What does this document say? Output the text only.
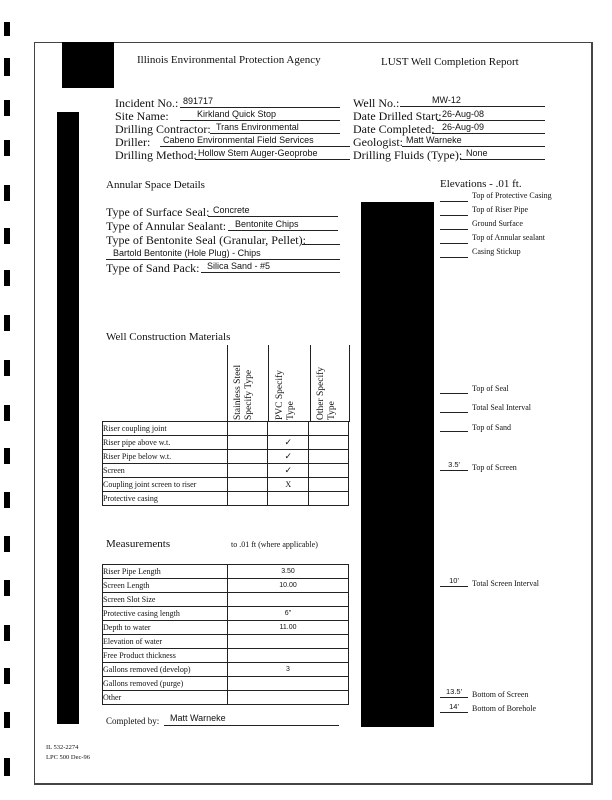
Illinois Environmental Protection Agency	LUST Well Completion Report
Incident No.: 891717
Site Name:	Kirkland Quick Stop
Drilling Contractor: Trans Environmental
Driller: Cabeno Environmental Field Services
Drilling Method: Hollow Stem Auger-Geoprobe
Well No.:	MW-12
Date Drilled Start: 26-Aug-08
Date Completed: 26-Aug-09
Geologist: Matt Warneke
Drilling Fluids (Type): None
Annular Space Details
Type of Surface Seal: Concrete
Type of Annular Sealant: Bentonite Chips
Type of Bentonite Seal (Granular, Pellet):
Bartold Bentonite (Hole Plug) - Chips
Type of Sand Pack: Silica Sand - #5
Well Construction Materials
Stainless Steel Specify Type	PVC Specify Type	Other Specify Type
Riser coupling joint			
Riser pipe above w.t.		✓	
Riser Pipe below w.t.		✓	
Screen		✓	
Coupling joint screen to riser		X	
Protective casing			
Measurements	to .01 ft (where applicable)
Riser Pipe Length	3.50
Screen Length	10.00
Screen Slot Size	
Protective casing length	6"
Depth to water	11.00
Elevation of water	
Free Product thickness	
Gallons removed (develop)	3
Gallons removed (purge)	
Other	
Completed by: Matt Warneke
Elevations - .01 ft.
Top of Protective Casing
Top of Riser Pipe
Ground Surface
Top of Annular sealant
Casing Stickup
Top of Seal
Total Seal Interval
Top of Sand
3.5'	Top of Screen
10'	Total Screen Interval
13.5'	Bottom of Screen
14'	Bottom of Borehole
IL 532-2274
LPC 500 Dec-96
